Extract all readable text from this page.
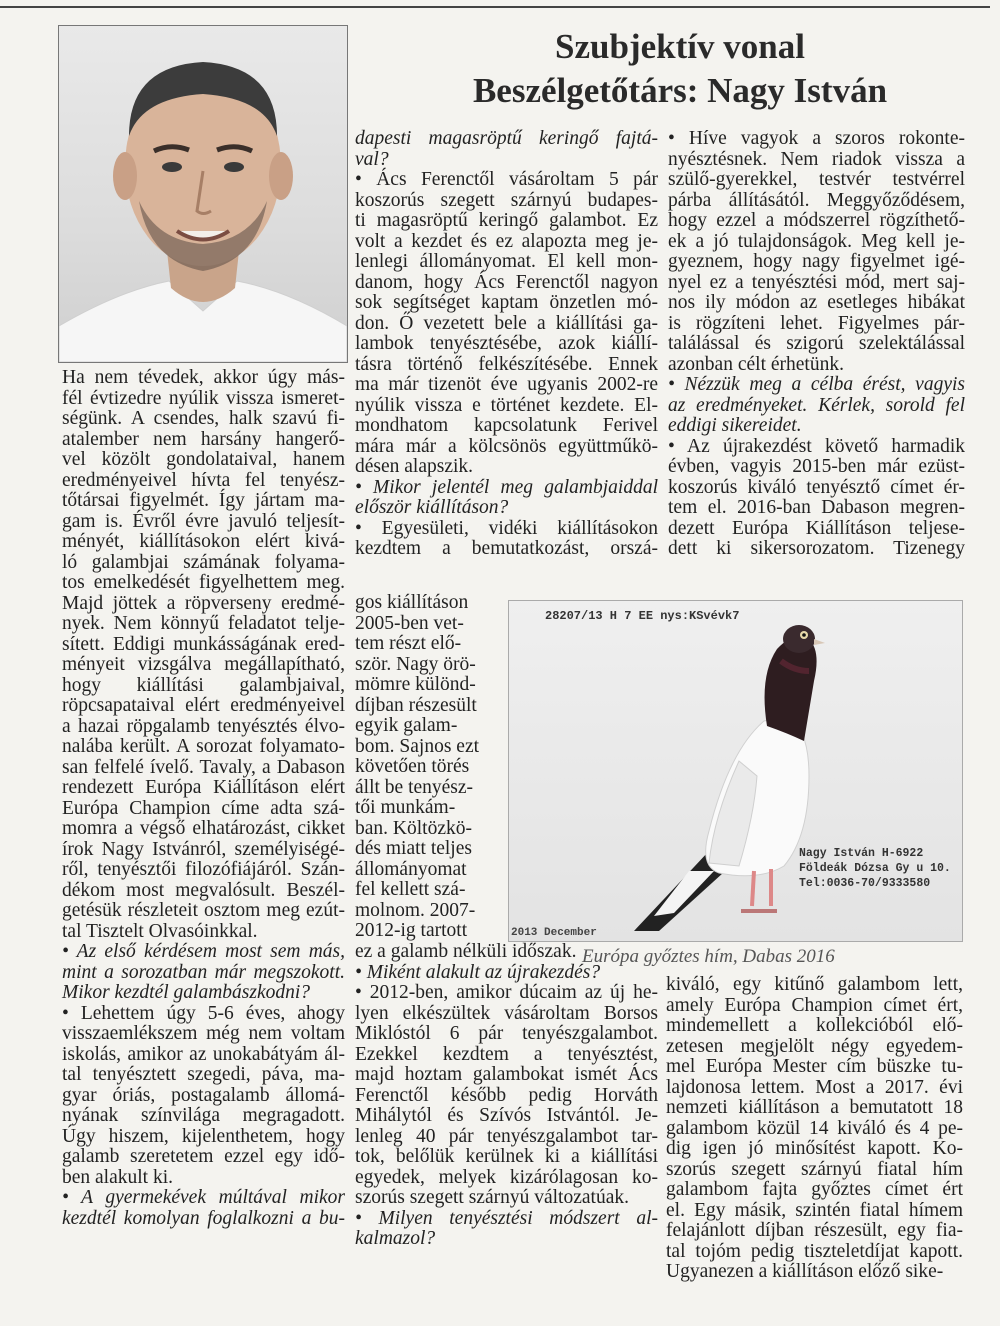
Szubjektív vonal
Beszélgetőtárs: Nagy István

Ha nem tévedek, akkor úgy más-

fél évtizedre nyúlik vissza ismeret-

ségünk. A csendes, halk szavú fi-

atalember nem harsány hangerő-

vel közölt gondolataival, hanem

eredményeivel hívta fel tenyész-

tőtársai figyelmét. Így jártam ma-

gam is. Évről évre javuló teljesít-

ményét, kiállításokon elért kivá-

ló galambjai számának folyama-

tos emelkedését figyelhettem meg.

Majd jöttek a röpverseny eredmé-

nyek. Nem könnyű feladatot telje-

sített. Eddigi munkásságának ered-

ményeit vizsgálva megállapítható,

hogy kiállítási galambjaival,

röpcsapataival elért eredményeivel

a hazai röpgalamb tenyésztés élvo-

nalába került. A sorozat folyamato-

san felfelé ívelő. Tavaly, a Dabason

rendezett Európa Kiállításon elért

Európa Champion címe adta szá-

momra a végső elhatározást, cikket

írok Nagy Istvánról, személyiségé-

ről, tenyésztői filozófiájáról. Szán-

dékom most megvalósult. Beszél-

getésük részleteit osztom meg ezút-

tal Tisztelt Olvasóinkkal.

• Az első kérdésem most sem más,

mint a sorozatban már megszokott.

Mikor kezdtél galambászkodni?

• Lehettem úgy 5-6 éves, ahogy

visszaemlékszem még nem voltam

iskolás, amikor az unokabátyám ál-

tal tenyésztett szegedi, páva, ma-

gyar óriás, postagalamb állomá-

nyának színvilága megragadott.

Úgy hiszem, kijelenthetem, hogy

galamb szeretetem ezzel egy idő-

ben alakult ki.

• A gyermekévek múltával mikor

kezdtél komolyan foglalkozni a bu-

dapesti magasröptű keringő fajtá-

val?

• Ács Ferenctől vásároltam 5 pár

koszorús szegett szárnyú budapes-

ti magasröptű keringő galambot. Ez

volt a kezdet és ez alapozta meg je-

lenlegi állományomat. El kell mon-

danom, hogy Ács Ferenctől nagyon

sok segítséget kaptam önzetlen mó-

don. Ő vezetett bele a kiállítási ga-

lambok tenyésztésébe, azok kiállí-

tásra történő felkészítésébe. Ennek

ma már tizenöt éve ugyanis 2002-re

nyúlik vissza e történet kezdete. El-

mondhatom kapcsolatunk Ferivel

mára már a kölcsönös együttműkö-

désen alapszik.

• Mikor jelentél meg galambjaiddal

először kiállításon?

• Egyesületi, vidéki kiállításokon

kezdtem a bemutatkozást, orszá-

gos kiállításon

2005-ben vet-

tem részt elő-

ször. Nagy örö-

mömre különd-

díjban részesült

egyik galam-

bom. Sajnos ezt

követően törés

állt be tenyész-

tői munkám-

ban. Költözkö-

dés miatt teljes

állományomat

fel kellett szá-

molnom. 2007-

2012-ig tartott

28207/13 H 7 EE nys:KSvévk7
Nagy István H-6922
Földeák Dózsa Gy u 10.
Tel:0036-70/9333580
2013 December
Európa győztes hím, Dabas 2016

ez a galamb nélküli időszak.

• Miként alakult az újrakezdés?

• 2012-ben, amikor dúcaim az új he-

lyen elkészültek vásároltam Borsos

Miklóstól 6 pár tenyészgalambot.

Ezekkel kezdtem a tenyésztést,

majd hoztam galambokat ismét Ács

Ferenctől később pedig Horváth

Mihálytól és Szívós Istvántól. Je-

lenleg 40 pár tenyészgalambot tar-

tok, belőlük kerülnek ki a kiállítási

egyedek, melyek kizárólagosan ko-

szorús szegett szárnyú változatúak.

• Milyen tenyésztési módszert al-

kalmazol?

• Híve vagyok a szoros rokonte-

nyésztésnek. Nem riadok vissza a

szülő-gyerekkel, testvér testvérrel

párba állításától. Meggyőződésem,

hogy ezzel a módszerrel rögzíthető-

ek a jó tulajdonságok. Meg kell je-

gyeznem, hogy nagy figyelmet igé-

nyel ez a tenyésztési mód, mert saj-

nos ily módon az esetleges hibákat

is rögzíteni lehet. Figyelmes pár-

találással és szigorú szelektálással

azonban célt érhetünk.

• Nézzük meg a célba érést, vagyis

az eredményeket. Kérlek, sorold fel

eddigi sikereidet.

• Az újrakezdést követő harmadik

évben, vagyis 2015-ben már ezüst-

koszorús kiváló tenyésztő címet ér-

tem el. 2016-ban Dabason megren-

dezett Európa Kiállításon teljese-

dett ki sikersorozatom. Tizenegy

kiváló, egy kitűnő galambom lett,

amely Európa Champion címet ért,

mindemellett a kollekcióból elő-

zetesen megjelölt négy egyedem-

mel Európa Mester cím büszke tu-

lajdonosa lettem. Most a 2017. évi

nemzeti kiállításon a bemutatott 18

galambom közül 14 kiváló és 4 pe-

dig igen jó minősítést kapott. Ko-

szorús szegett szárnyú fiatal hím

galambom fajta győztes címet ért

el. Egy másik, szintén fiatal hímem

felajánlott díjban részesült, egy fia-

tal tojóm pedig tiszteletdíjat kapott.

Ugyanezen a kiállításon előző sike-
